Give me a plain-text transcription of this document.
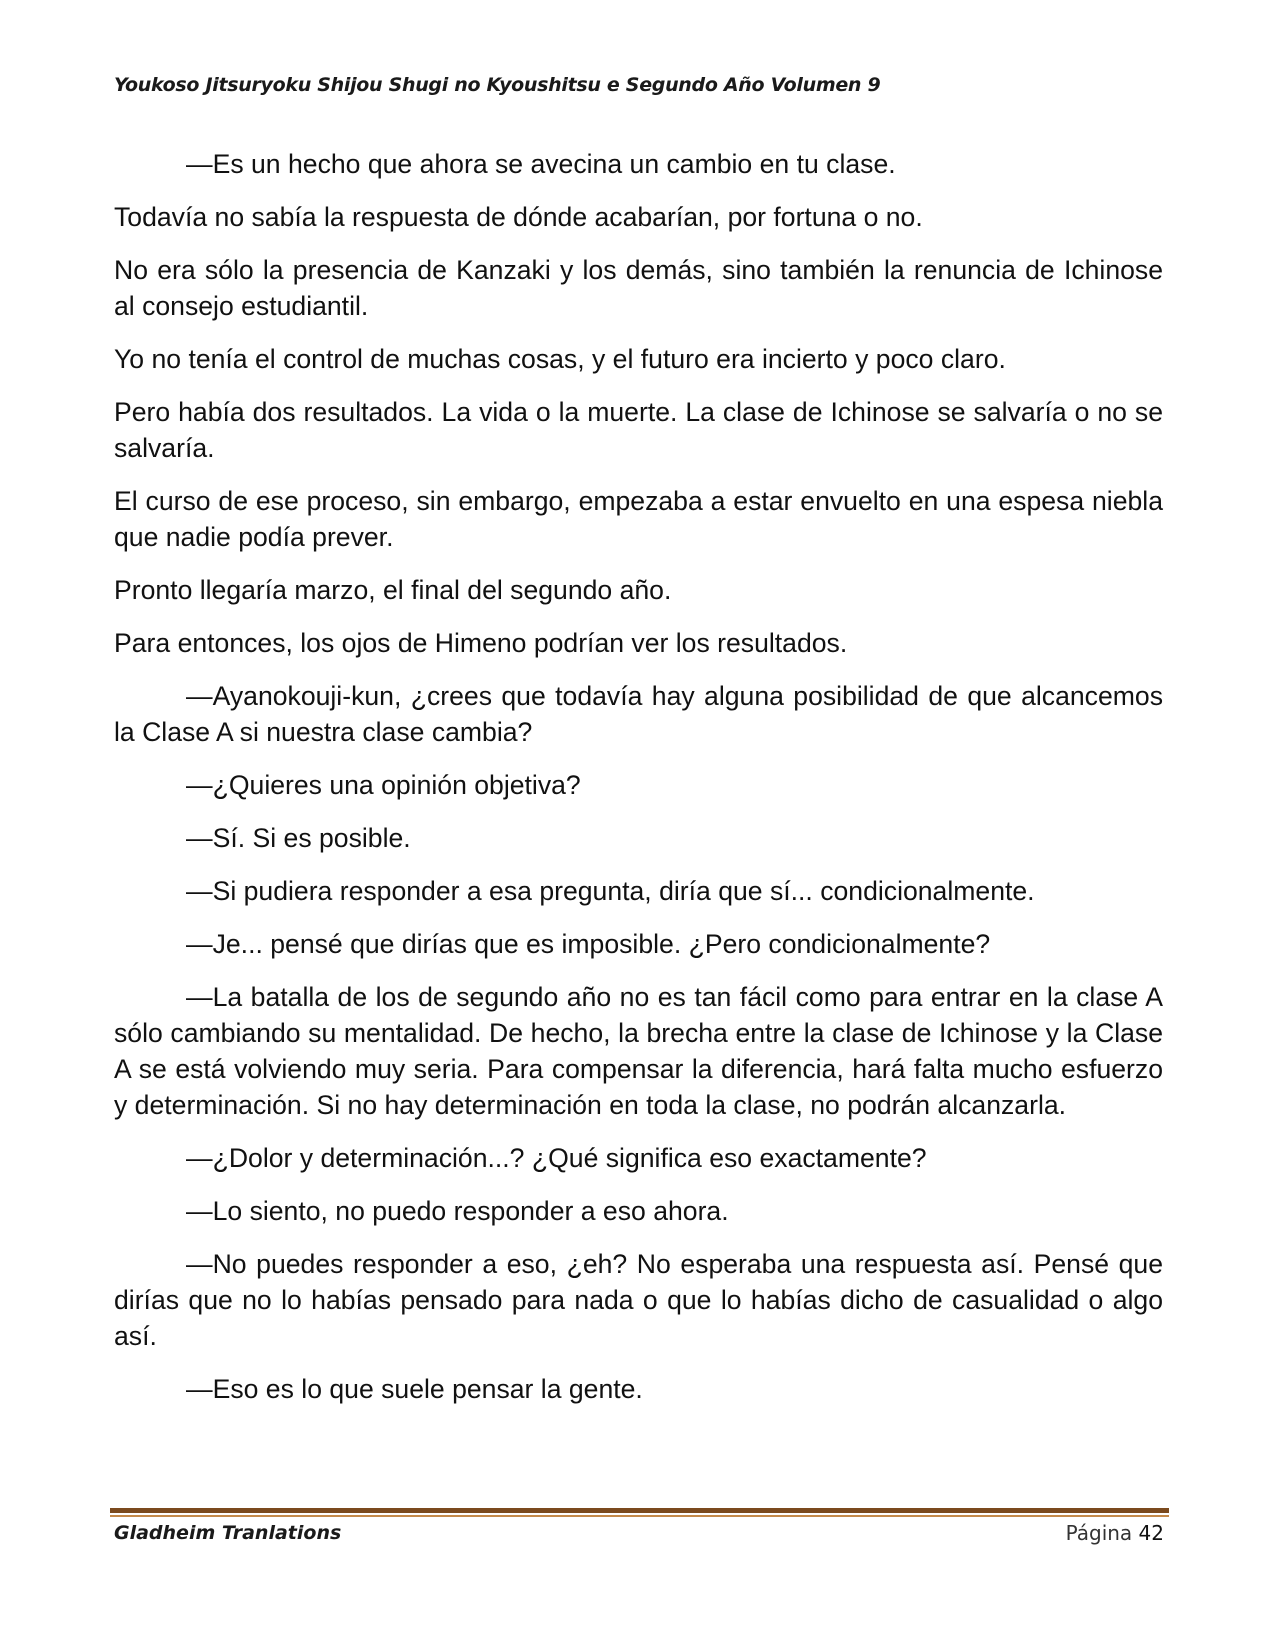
Youkoso Jitsuryoku Shijou Shugi no Kyoushitsu e Segundo Año Volumen 9

—Es un hecho que ahora se avecina un cambio en tu clase.

Todavía no sabía la respuesta de dónde acabarían, por fortuna o no.

No era sólo la presencia de Kanzaki y los demás, sino también la renuncia de Ichinose al consejo estudiantil.

Yo no tenía el control de muchas cosas, y el futuro era incierto y poco claro.

Pero había dos resultados. La vida o la muerte. La clase de Ichinose se salvaría o no se salvaría.

El curso de ese proceso, sin embargo, empezaba a estar envuelto en una espesa niebla que nadie podía prever.

Pronto llegaría marzo, el final del segundo año.

Para entonces, los ojos de Himeno podrían ver los resultados.

—Ayanokouji-kun, ¿crees que todavía hay alguna posibilidad de que alcancemos la Clase A si nuestra clase cambia?

—¿Quieres una opinión objetiva?

—Sí. Si es posible.

—Si pudiera responder a esa pregunta, diría que sí... condicionalmente.

—Je... pensé que dirías que es imposible. ¿Pero condicionalmente?

—La batalla de los de segundo año no es tan fácil como para entrar en la clase A sólo cambiando su mentalidad. De hecho, la brecha entre la clase de Ichinose y la Clase A se está volviendo muy seria. Para compensar la diferencia, hará falta mucho esfuerzo y determinación. Si no hay determinación en toda la clase, no podrán alcanzarla.

—¿Dolor y determinación...? ¿Qué significa eso exactamente?

—Lo siento, no puedo responder a eso ahora.

—No puedes responder a eso, ¿eh? No esperaba una respuesta así. Pensé que dirías que no lo habías pensado para nada o que lo habías dicho de casualidad o algo así.

—Eso es lo que suele pensar la gente.

Gladheim Tranlations	Página 42
